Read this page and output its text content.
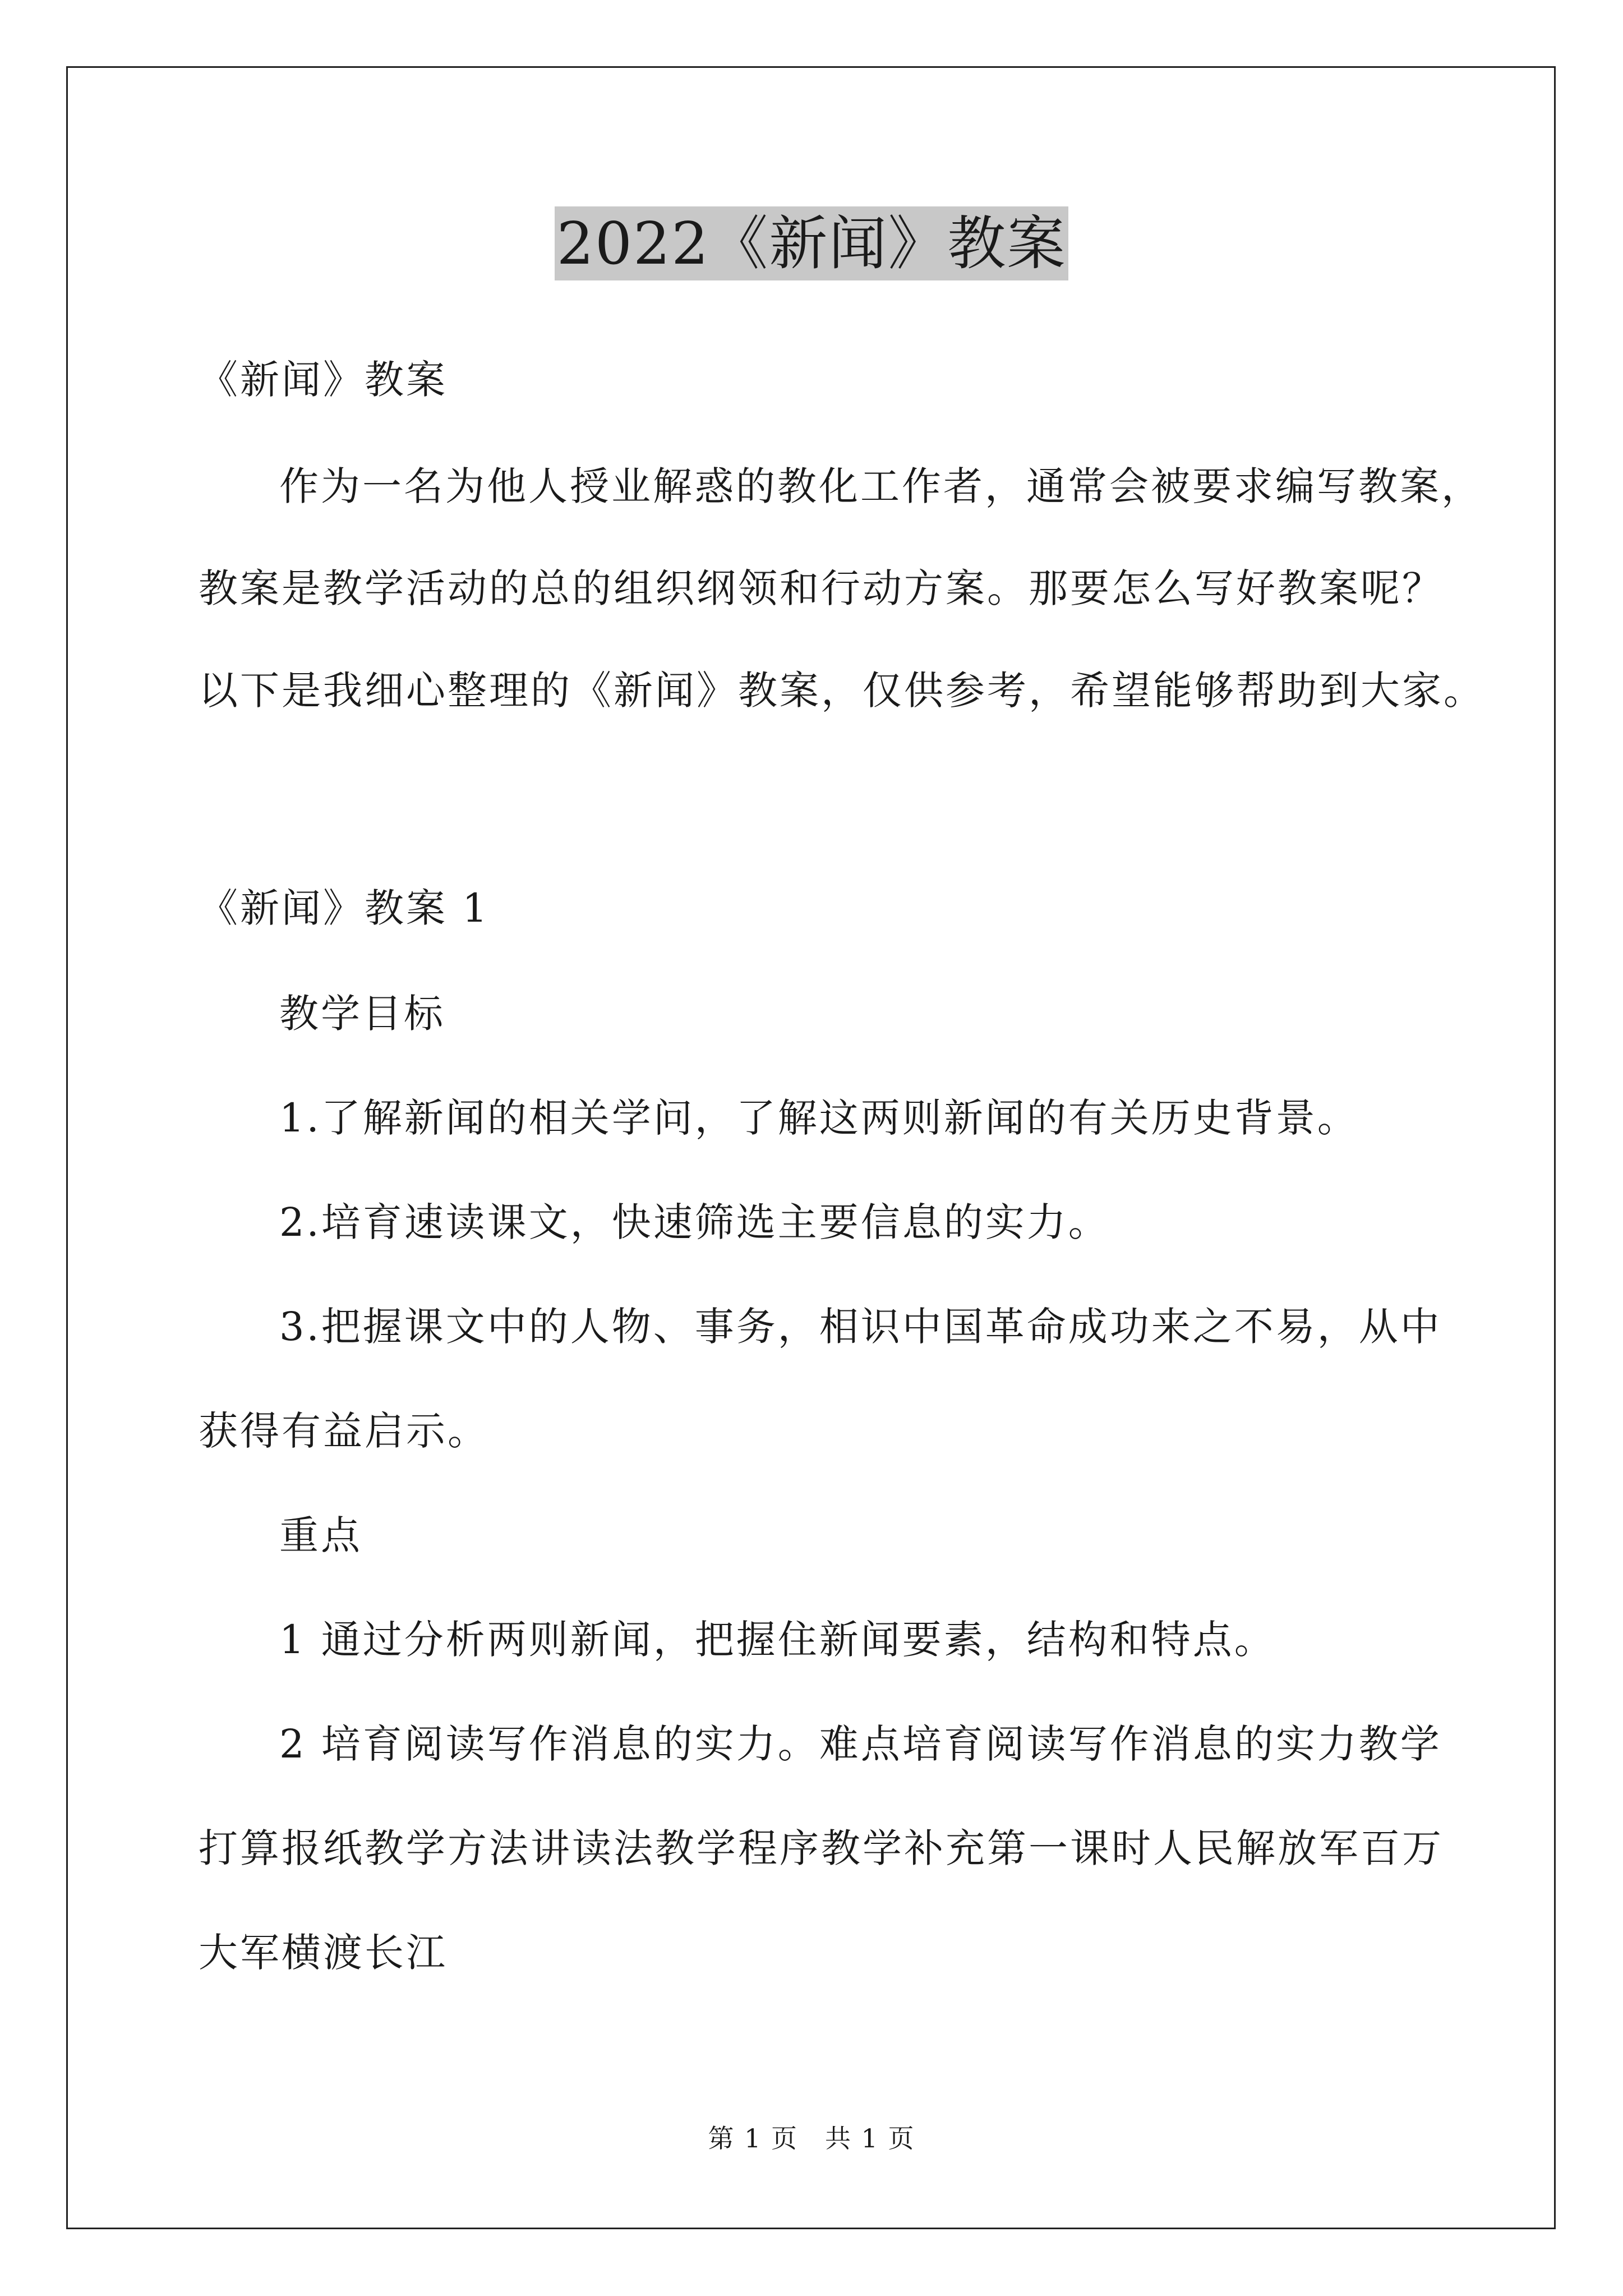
2022《新闻》教案
《新闻》教案
作为一名为他人授业解惑的教化工作者，通常会被要求编写教案，
教案是教学活动的总的组织纲领和行动方案。那要怎么写好教案呢？
以下是我细心整理的《新闻》教案，仅供参考，希望能够帮助到大家。
《新闻》教案 1
教学目标
1.了解新闻的相关学问，了解这两则新闻的有关历史背景。
2.培育速读课文，快速筛选主要信息的实力。
3.把握课文中的人物、事务，相识中国革命成功来之不易，从中
获得有益启示。
重点
1 通过分析两则新闻，把握住新闻要素，结构和特点。
2 培育阅读写作消息的实力。难点培育阅读写作消息的实力教学
打算报纸教学方法讲读法教学程序教学补充第一课时人民解放军百万
大军横渡长江
第 1 页　共 1 页
